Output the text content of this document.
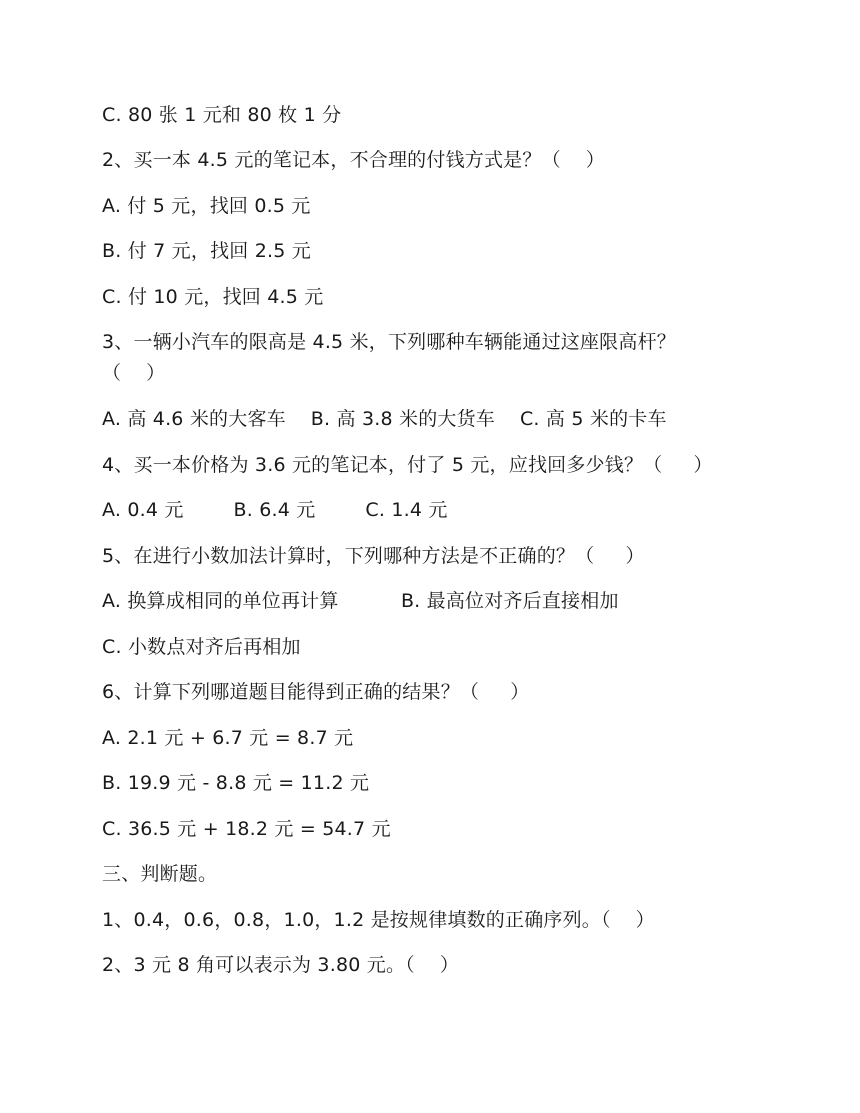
C. 80 张 1 元和 80 枚 1 分
2、买一本 4.5 元的笔记本，不合理的付钱方式是？（    ）
A. 付 5 元，找回 0.5 元
B. 付 7 元，找回 2.5 元
C. 付 10 元，找回 4.5 元
3、一辆小汽车的限高是 4.5 米，下列哪种车辆能通过这座限高杆？
（    ）
A. 高 4.6 米的大客车    B. 高 3.8 米的大货车    C. 高 5 米的卡车
4、买一本价格为 3.6 元的笔记本，付了 5 元，应找回多少钱？（     ）
A. 0.4 元        B. 6.4 元        C. 1.4 元
5、在进行小数加法计算时，下列哪种方法是不正确的？（     ）
A. 换算成相同的单位再计算          B. 最高位对齐后直接相加
C. 小数点对齐后再相加
6、计算下列哪道题目能得到正确的结果？（     ）
A. 2.1 元 + 6.7 元 = 8.7 元
B. 19.9 元 - 8.8 元 = 11.2 元
C. 36.5 元 + 18.2 元 = 54.7 元
三、判断题。
1、0.4，0.6，0.8，1.0，1.2 是按规律填数的正确序列。（    ）
2、3 元 8 角可以表示为 3.80 元。（    ）
